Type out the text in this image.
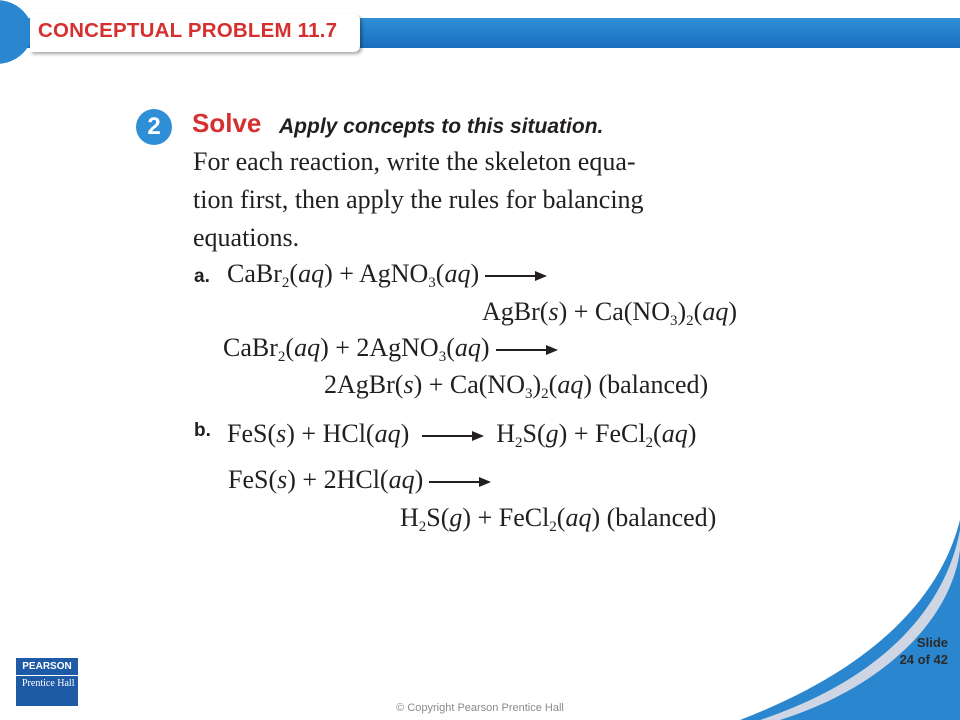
CONCEPTUAL PROBLEM 11.7
2	Solve Apply concepts to this situation.
For each reaction, write the skeleton equa-
tion first, then apply the rules for balancing
equations.
a. CaBr$_2$(aq) + AgNO$_3$(aq) →
AgBr(s) + $Ca(NO_3)_2(aq)$
CaBr$_2$(aq) + 2AgNO$_3$(aq) →
2AgBr(s) + $Ca(NO_3)_2(aq)$ (balanced)
b. $FeS(s) + HCl(aq) \to H_2S(g)$ + FeCl$_2$(aq)
FeS(s) + 2HCl(aq) →
$H_2S(g)$ + FeCl$_2$(aq) (balanced)
Slide
24 of 42
PEARSON
Prentice Hall
© Copyright Pearson Prentice Hall
